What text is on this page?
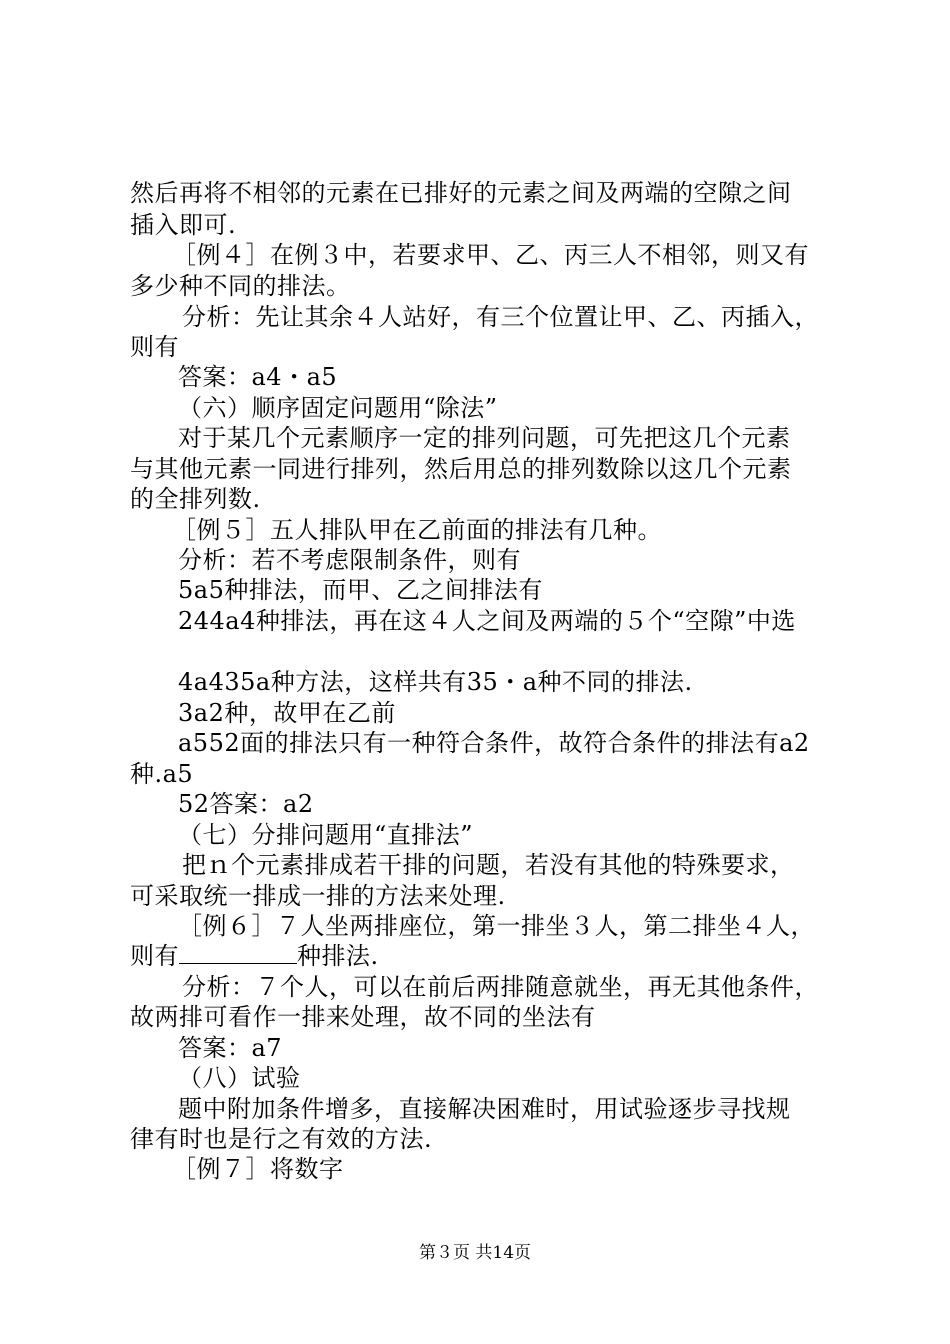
然后再将不相邻的元素在已排好的元素之间及两端的空隙之间
插入即可.
［例４］在例３中，若要求甲、乙、丙三人不相邻，则又有
多少种不同的排法。
分析：先让其余４人站好，有三个位置让甲、乙、丙插入，
则有
答案：a4・a5
（六）顺序固定问题用“除法”
对于某几个元素顺序一定的排列问题，可先把这几个元素
与其他元素一同进行排列，然后用总的排列数除以这几个元素
的全排列数.
［例５］五人排队甲在乙前面的排法有几种。
分析：若不考虑限制条件，则有
5a5种排法，而甲、乙之间排法有
244a4种排法，再在这４人之间及两端的５个“空隙”中选
4a435a种方法，这样共有35・a种不同的排法.
3a2种，故甲在乙前
a552面的排法只有一种符合条件，故符合条件的排法有a2
种.a5
52答案：a2
（七）分排问题用“直排法”
把ｎ个元素排成若干排的问题，若没有其他的特殊要求，
可采取统一排成一排的方法来处理.
［例６］７人坐两排座位，第一排坐３人，第二排坐４人，
则有	种排法.
分析：７个人，可以在前后两排随意就坐，再无其他条件，
故两排可看作一排来处理，故不同的坐法有
答案：a7
（八）试验
题中附加条件增多，直接解决困难时，用试验逐步寻找规
律有时也是行之有效的方法.
［例７］将数字
第３页 共14页
